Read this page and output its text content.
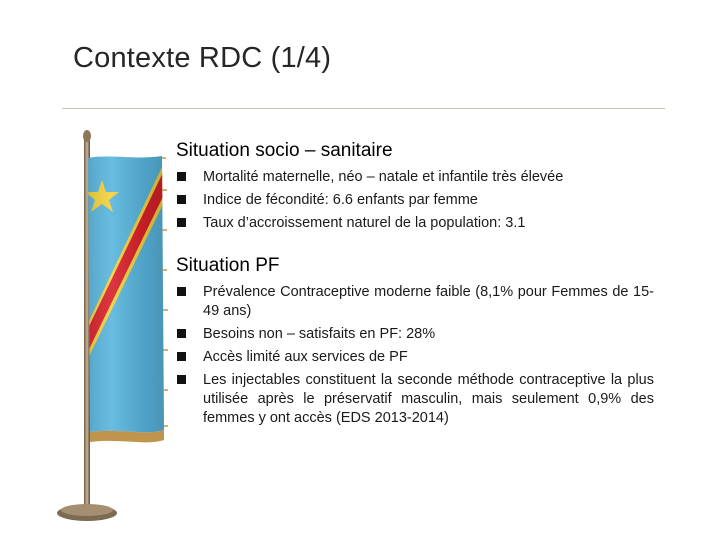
Contexte RDC (1/4)
Situation socio – sanitaire
Mortalité maternelle, néo – natale et infantile très élevée
Indice de fécondité: 6.6 enfants par femme
Taux d’accroissement naturel de la population: 3.1
Situation PF
Prévalence Contraceptive moderne faible (8,1% pour Femmes de 15-49 ans)
Besoins non – satisfaits en PF: 28%
Accès limité aux services de PF
Les injectables constituent la seconde méthode contraceptive la plus utilisée après le préservatif masculin, mais seulement 0,9% des femmes y ont accès (EDS 2013-2014)
